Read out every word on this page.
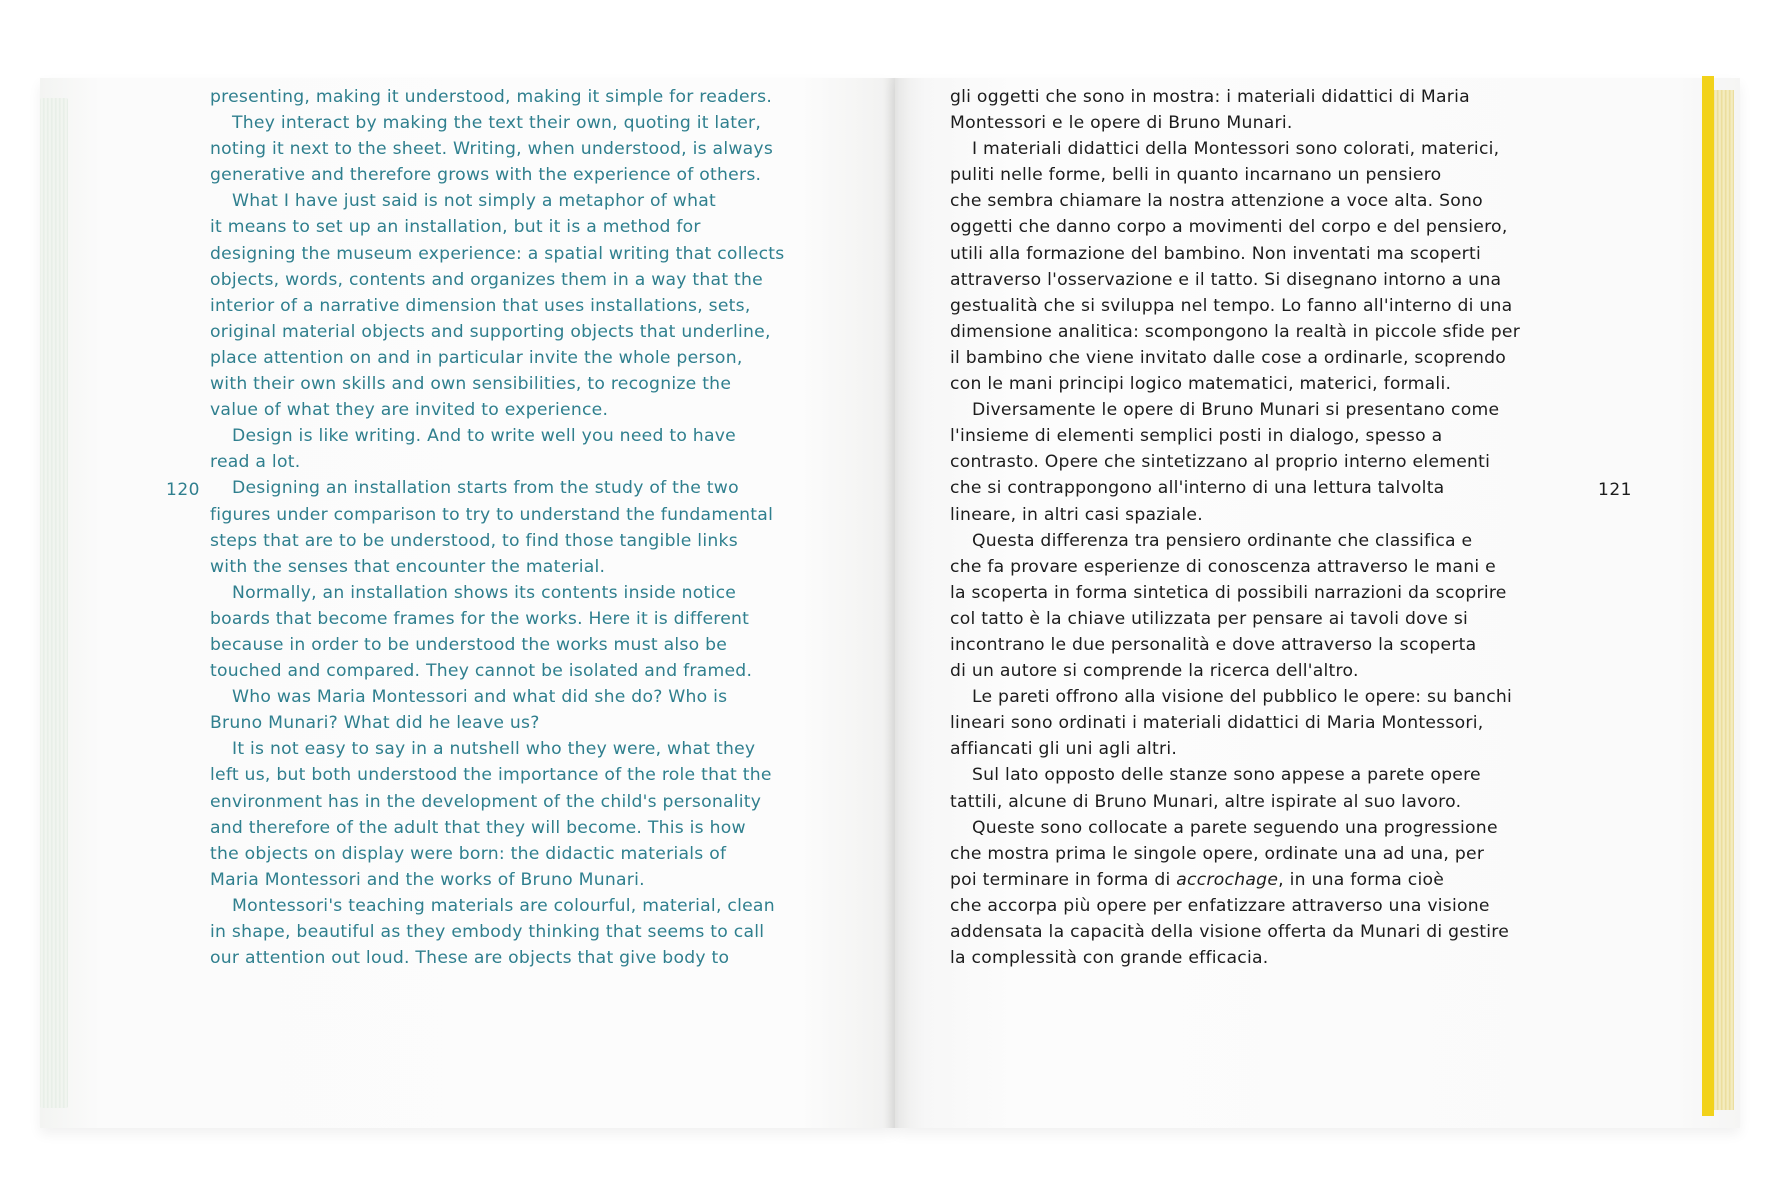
120	121
presenting, making it understood, making it simple for readers.
They interact by making the text their own, quoting it later,
noting it next to the sheet. Writing, when understood, is always
generative and therefore grows with the experience of others.
What I have just said is not simply a metaphor of what
it means to set up an installation, but it is a method for
designing the museum experience: a spatial writing that collects
objects, words, contents and organizes them in a way that the
interior of a narrative dimension that uses installations, sets,
original material objects and supporting objects that underline,
place attention on and in particular invite the whole person,
with their own skills and own sensibilities, to recognize the
value of what they are invited to experience.
Design is like writing. And to write well you need to have
read a lot.
Designing an installation starts from the study of the two
figures under comparison to try to understand the fundamental
steps that are to be understood, to find those tangible links
with the senses that encounter the material.
Normally, an installation shows its contents inside notice
boards that become frames for the works. Here it is different
because in order to be understood the works must also be
touched and compared. They cannot be isolated and framed.
Who was Maria Montessori and what did she do? Who is
Bruno Munari? What did he leave us?
It is not easy to say in a nutshell who they were, what they
left us, but both understood the importance of the role that the
environment has in the development of the child's personality
and therefore of the adult that they will become. This is how
the objects on display were born: the didactic materials of
Maria Montessori and the works of Bruno Munari.
Montessori's teaching materials are colourful, material, clean
in shape, beautiful as they embody thinking that seems to call
our attention out loud. These are objects that give body to
gli oggetti che sono in mostra: i materiali didattici di Maria
Montessori e le opere di Bruno Munari.
I materiali didattici della Montessori sono colorati, materici,
puliti nelle forme, belli in quanto incarnano un pensiero
che sembra chiamare la nostra attenzione a voce alta. Sono
oggetti che danno corpo a movimenti del corpo e del pensiero,
utili alla formazione del bambino. Non inventati ma scoperti
attraverso l'osservazione e il tatto. Si disegnano intorno a una
gestualità che si sviluppa nel tempo. Lo fanno all'interno di una
dimensione analitica: scompongono la realtà in piccole sfide per
il bambino che viene invitato dalle cose a ordinarle, scoprendo
con le mani principi logico matematici, materici, formali.
Diversamente le opere di Bruno Munari si presentano come
l'insieme di elementi semplici posti in dialogo, spesso a
contrasto. Opere che sintetizzano al proprio interno elementi
che si contrappongono all'interno di una lettura talvolta
lineare, in altri casi spaziale.
Questa differenza tra pensiero ordinante che classifica e
che fa provare esperienze di conoscenza attraverso le mani e
la scoperta in forma sintetica di possibili narrazioni da scoprire
col tatto è la chiave utilizzata per pensare ai tavoli dove si
incontrano le due personalità e dove attraverso la scoperta
di un autore si comprende la ricerca dell'altro.
Le pareti offrono alla visione del pubblico le opere: su banchi
lineari sono ordinati i materiali didattici di Maria Montessori,
affiancati gli uni agli altri.
Sul lato opposto delle stanze sono appese a parete opere
tattili, alcune di Bruno Munari, altre ispirate al suo lavoro.
Queste sono collocate a parete seguendo una progressione
che mostra prima le singole opere, ordinate una ad una, per
poi terminare in forma di accrochage, in una forma cioè
che accorpa più opere per enfatizzare attraverso una visione
addensata la capacità della visione offerta da Munari di gestire
la complessità con grande efficacia.
